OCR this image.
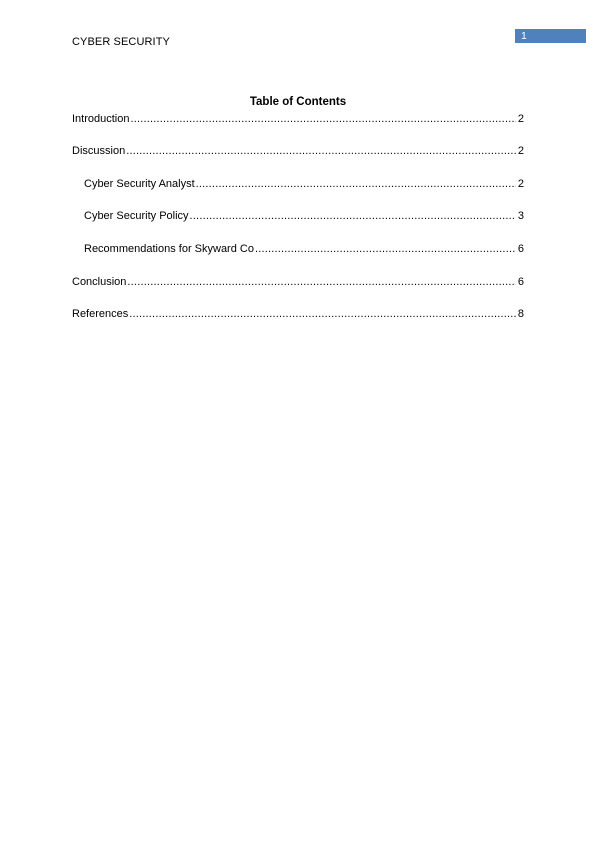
CYBER SECURITY	1
Table of Contents
Introduction .....	2
Discussion .....	2
Cyber Security Analyst .....	2
Cyber Security Policy .....	3
Recommendations for Skyward Co .....	6
Conclusion .....	6
References .....	8
